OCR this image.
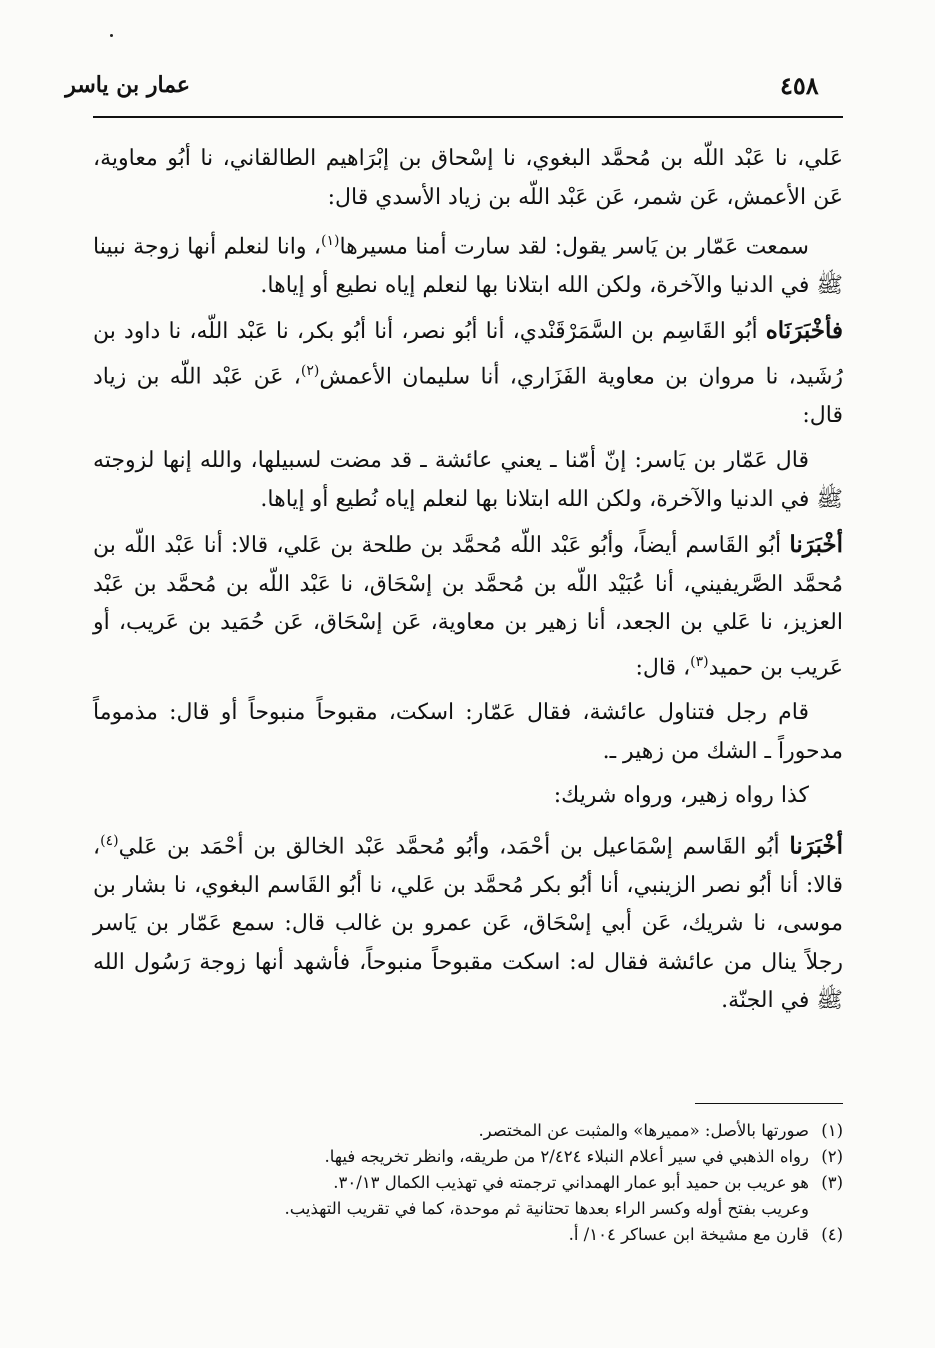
٤٥٨
عمار بن ياسر

عَلي، نا عَبْد اللّه بن مُحمَّد البغوي، نا إسْحاق بن إبْرَاهيم الطالقاني، نا أبُو معاوية، عَن الأعمش، عَن شمر، عَن عَبْد اللّه بن زياد الأسدي قال:

سمعت عَمّار بن يَاسر يقول: لقد سارت أمنا مسيرها$^{(١)}$، وانا لنعلم أنها زوجة نبينا ﷺ في الدنيا والآخرة، ولكن الله ابتلانا بها لنعلم إياه نطيع أو إياها.

فأخْبَرَنَاه أبُو القَاسِم بن السَّمَرْقَنْدي، أنا أبُو نصر، أنا أبُو بكر، نا عَبْد اللّه، نا داود بن رُشَيد، نا مروان بن معاوية الفَزَاري، أنا سليمان الأعمش$^{(٢)}$، عَن عَبْد اللّه بن زياد قال:

قال عَمّار بن يَاسر: إنّ أمّنا ـ يعني عائشة ـ قد مضت لسبيلها، والله إنها لزوجته ﷺ في الدنيا والآخرة، ولكن الله ابتلانا بها لنعلم إياه نُطيع أو إياها.

أخْبَرَنا أبُو القَاسم أيضاً، وأبُو عَبْد اللّه مُحمَّد بن طلحة بن عَلي، قالا: أنا عَبْد اللّه بن مُحمَّد الصَّريفيني، أنا عُبَيْد اللّه بن مُحمَّد بن إسْحَاق، نا عَبْد اللّه بن مُحمَّد بن عَبْد العزيز، نا عَلي بن الجعد، أنا زهير بن معاوية، عَن إسْحَاق، عَن حُمَيد بن عَريب، أو عَريب بن حميد$^{(٣)}$، قال:

قام رجل فتناول عائشة، فقال عَمّار: اسكت، مقبوحاً منبوحاً أو قال: مذموماً مدحوراً ـ الشك من زهير ـ.

كذا رواه زهير، ورواه شريك:

أخْبَرَنا أبُو القَاسم إسْمَاعيل بن أحْمَد، وأبُو مُحمَّد عَبْد الخالق بن أحْمَد بن عَلي$^{(٤)}$، قالا: أنا أبُو نصر الزينبي، أنا أبُو بكر مُحمَّد بن عَلي، نا أبُو القَاسم البغوي، نا بشار بن موسى، نا شريك، عَن أبي إسْحَاق، عَن عمرو بن غالب قال: سمع عَمّار بن يَاسر رجلاً ينال من عائشة فقال له: اسكت مقبوحاً منبوحاً، فأشهد أنها زوجة رَسُول الله ﷺ في الجنّة.

(١)صورتها بالأصل: «مميرها» والمثبت عن المختصر.

(٢)رواه الذهبي في سير أعلام النبلاء ٢/٤٢٤ من طريقه، وانظر تخريجه فيها.

(٣)هو عريب بن حميد أبو عمار الهمداني ترجمته في تهذيب الكمال ٣٠/١٣.

وعريب بفتح أوله وكسر الراء بعدها تحتانية ثم موحدة، كما في تقريب التهذيب.

(٤)قارن مع مشيخة ابن عساكر ١٠٤/ أ.
